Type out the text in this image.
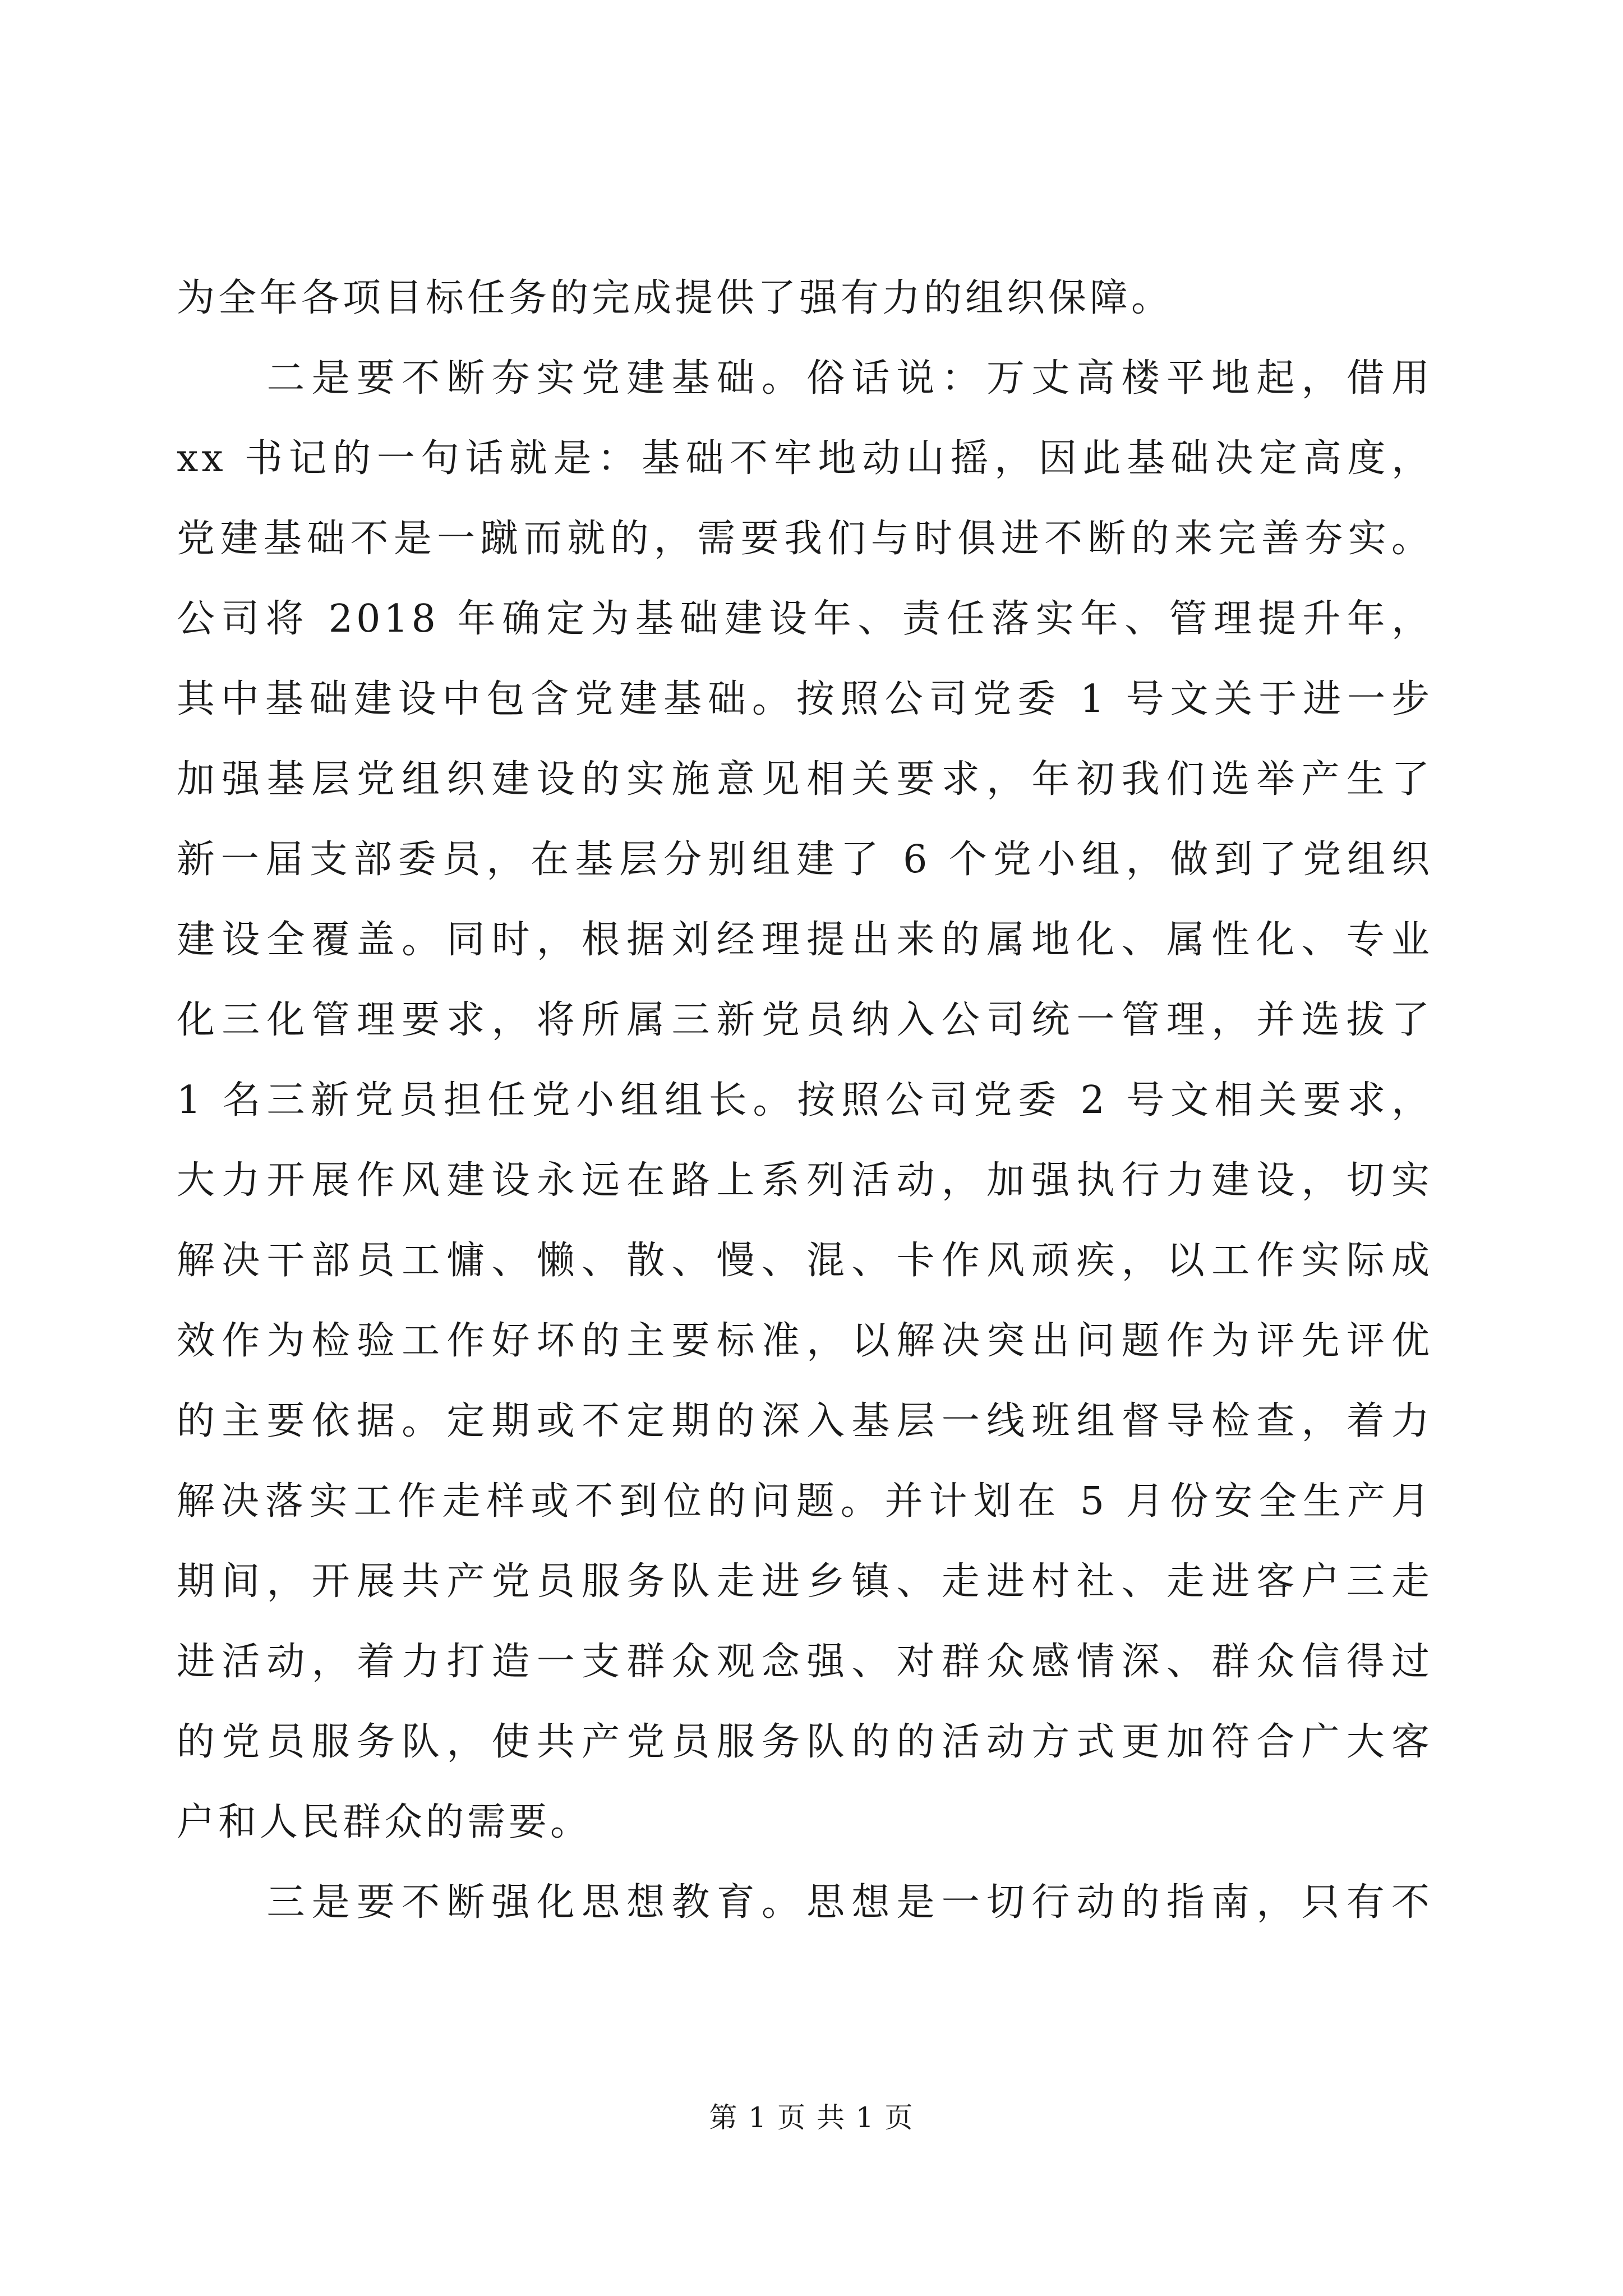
为全年各项目标任务的完成提供了强有力的组织保障。
　　二是要不断夯实党建基础。俗话说：万丈高楼平地起，借用
xx 书记的一句话就是：基础不牢地动山摇，因此基础决定高度，
党建基础不是一蹴而就的，需要我们与时俱进不断的来完善夯实。
公司将 2018 年确定为基础建设年、责任落实年、管理提升年，
其中基础建设中包含党建基础。按照公司党委 1 号文关于进一步
加强基层党组织建设的实施意见相关要求，年初我们选举产生了
新一届支部委员，在基层分别组建了 6 个党小组，做到了党组织
建设全覆盖。同时，根据刘经理提出来的属地化、属性化、专业
化三化管理要求，将所属三新党员纳入公司统一管理，并选拔了
1 名三新党员担任党小组组长。按照公司党委 2 号文相关要求，
大力开展作风建设永远在路上系列活动，加强执行力建设，切实
解决干部员工慵、懒、散、慢、混、卡作风顽疾，以工作实际成
效作为检验工作好坏的主要标准，以解决突出问题作为评先评优
的主要依据。定期或不定期的深入基层一线班组督导检查，着力
解决落实工作走样或不到位的问题。并计划在 5 月份安全生产月
期间，开展共产党员服务队走进乡镇、走进村社、走进客户三走
进活动，着力打造一支群众观念强、对群众感情深、群众信得过
的党员服务队，使共产党员服务队的的活动方式更加符合广大客
户和人民群众的需要。
　　三是要不断强化思想教育。思想是一切行动的指南，只有不
第 1 页 共 1 页
